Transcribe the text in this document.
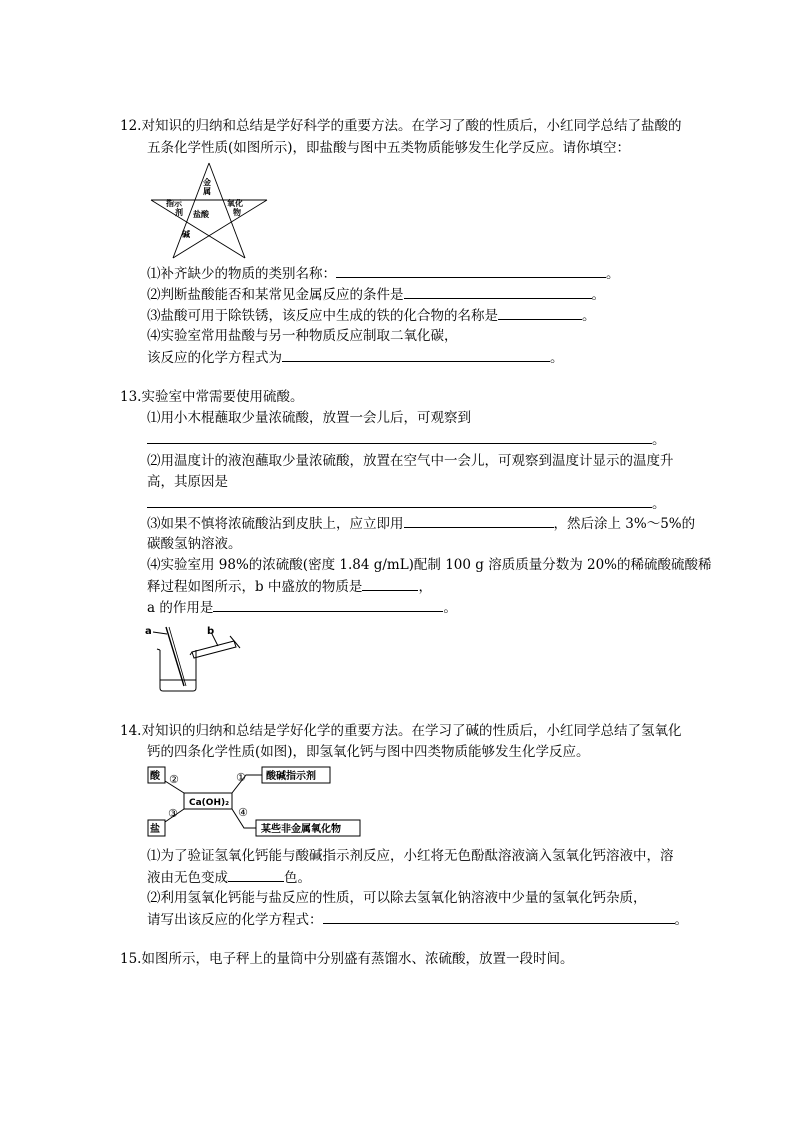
12.对知识的归纳和总结是学好科学的重要方法。在学习了酸的性质后，小红同学总结了盐酸的
五条化学性质(如图所示)，即盐酸与图中五类物质能够发生化学反应。请你填空：
金
属
指示
剂 盐酸
氧化
物
碱
⑴补齐缺少的物质的类别名称：	。
⑵判断盐酸能否和某常见金属反应的条件是	。
⑶盐酸可用于除铁锈，该反应中生成的铁的化合物的名称是	。
⑷实验室常用盐酸与另一种物质反应制取二氧化碳，
该反应的化学方程式为	。
13.实验室中常需要使用硫酸。
⑴用小木棍蘸取少量浓硫酸，放置一会儿后，可观察到
。
⑵用温度计的液泡蘸取少量浓硫酸，放置在空气中一会儿，可观察到温度计显示的温度升
高，其原因是
。
⑶如果不慎将浓硫酸沾到皮肤上，应立即用	，然后涂上 3%～5%的
碳酸氢钠溶液。
⑷实验室用 98%的浓硫酸(密度 1.84 g/mL)配制 100 g 溶质质量分数为 20%的稀硫酸硫酸稀
释过程如图所示，b 中盛放的物质是	，
a 的作用是	。
a	b
14.对知识的归纳和总结是学好化学的重要方法。在学习了碱的性质后，小红同学总结了氢氧化
钙的四条化学性质(如图)，即氢氧化钙与图中四类物质能够发生化学反应。
酸
盐
Ca(OH)₂
酸碱指示剂
某些非金属氧化物
①
②
③	④
⑴为了验证氢氧化钙能与酸碱指示剂反应，小红将无色酚酞溶液滴入氢氧化钙溶液中，溶
液由无色变成	色。
⑵利用氢氧化钙能与盐反应的性质，可以除去氢氧化钠溶液中少量的氢氧化钙杂质，
请写出该反应的化学方程式：	。
15.如图所示，电子秤上的量筒中分别盛有蒸馏水、浓硫酸，放置一段时间。
